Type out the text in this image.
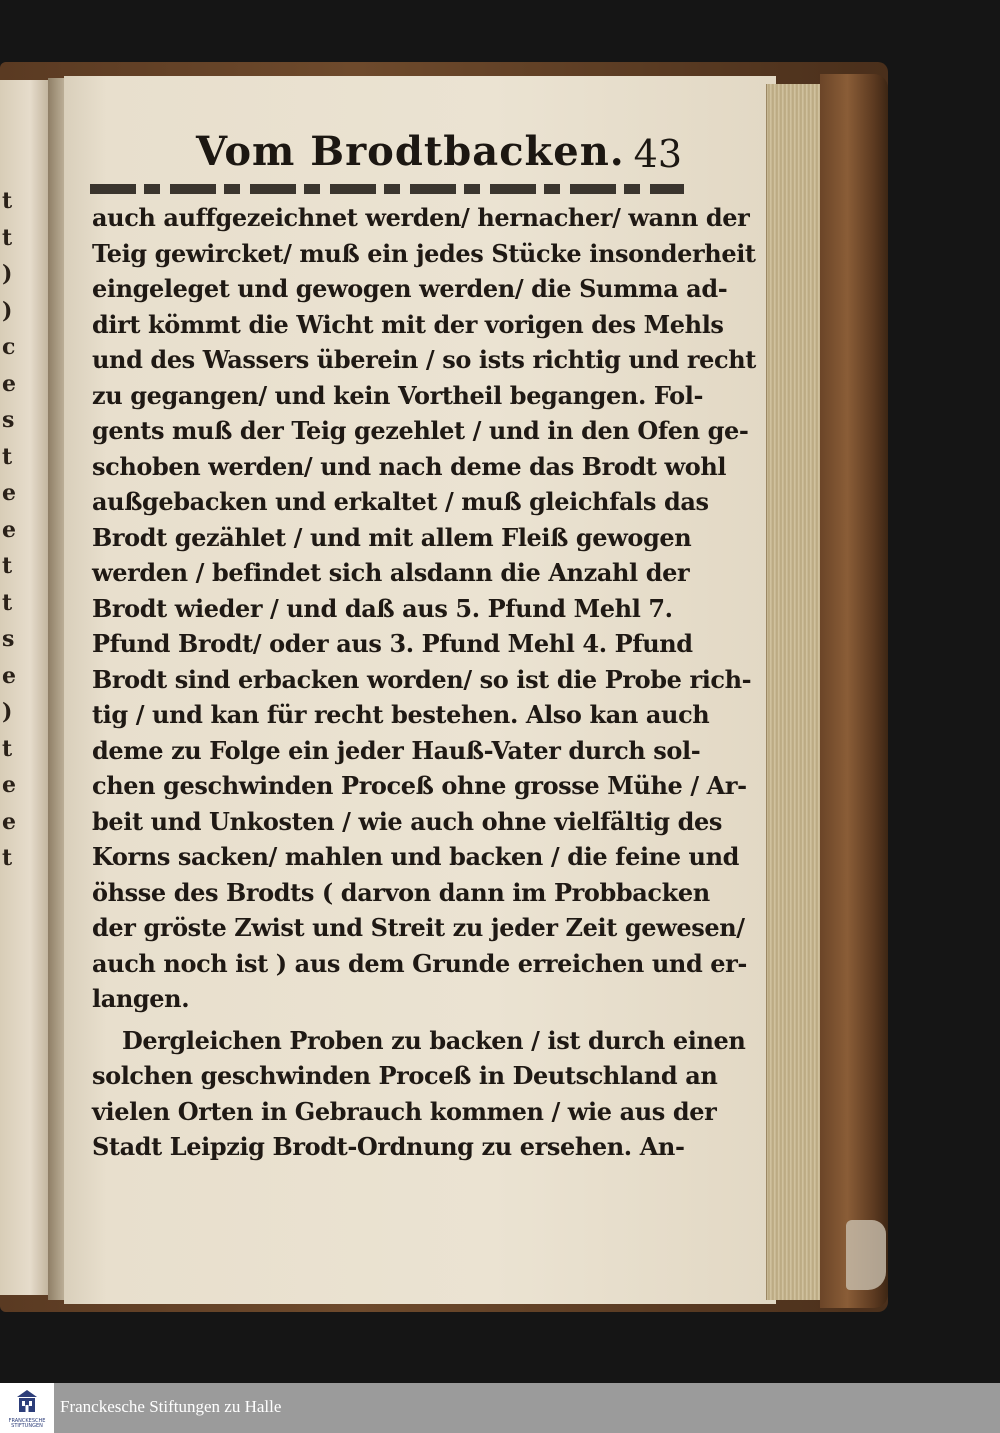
t
t
)
)
c
e
s
t
e
e
t
t
s
e
)
t
e
e
t
Vom Brodtbacken. 43
auch auffgezeichnet werden/ hernacher/ wann der
Teig gewircket/ muß ein jedes Stücke insonderheit
eingeleget und gewogen werden/ die Summa ad-
dirt kömmt die Wicht mit der vorigen des Mehls
und des Wassers überein / so ists richtig und recht
zu gegangen/ und kein Vortheil begangen. Fol-
gents muß der Teig gezehlet / und in den Ofen ge-
schoben werden/ und nach deme das Brodt wohl
außgebacken und erkaltet / muß gleichfals das
Brodt gezählet / und mit allem Fleiß gewogen
werden / befindet sich alsdann die Anzahl der
Brodt wieder / und daß aus 5. Pfund Mehl 7.
Pfund Brodt/ oder aus 3. Pfund Mehl 4. Pfund
Brodt sind erbacken worden/ so ist die Probe rich-
tig / und kan für recht bestehen. Also kan auch
deme zu Folge ein jeder Hauß-Vater durch sol-
chen geschwinden Proceß ohne grosse Mühe / Ar-
beit und Unkosten / wie auch ohne vielfältig des
Korns sacken/ mahlen und backen / die feine und
öhsse des Brodts ( darvon dann im Probbacken
der gröste Zwist und Streit zu jeder Zeit gewesen/
auch noch ist ) aus dem Grunde erreichen und er-
langen.
Dergleichen Proben zu backen / ist durch einen
solchen geschwinden Proceß in Deutschland an
vielen Orten in Gebrauch kommen / wie aus der
Stadt Leipzig Brodt-Ordnung zu ersehen. An-
FRANCKESCHE STIFTUNGEN
Franckesche Stiftungen zu Halle
